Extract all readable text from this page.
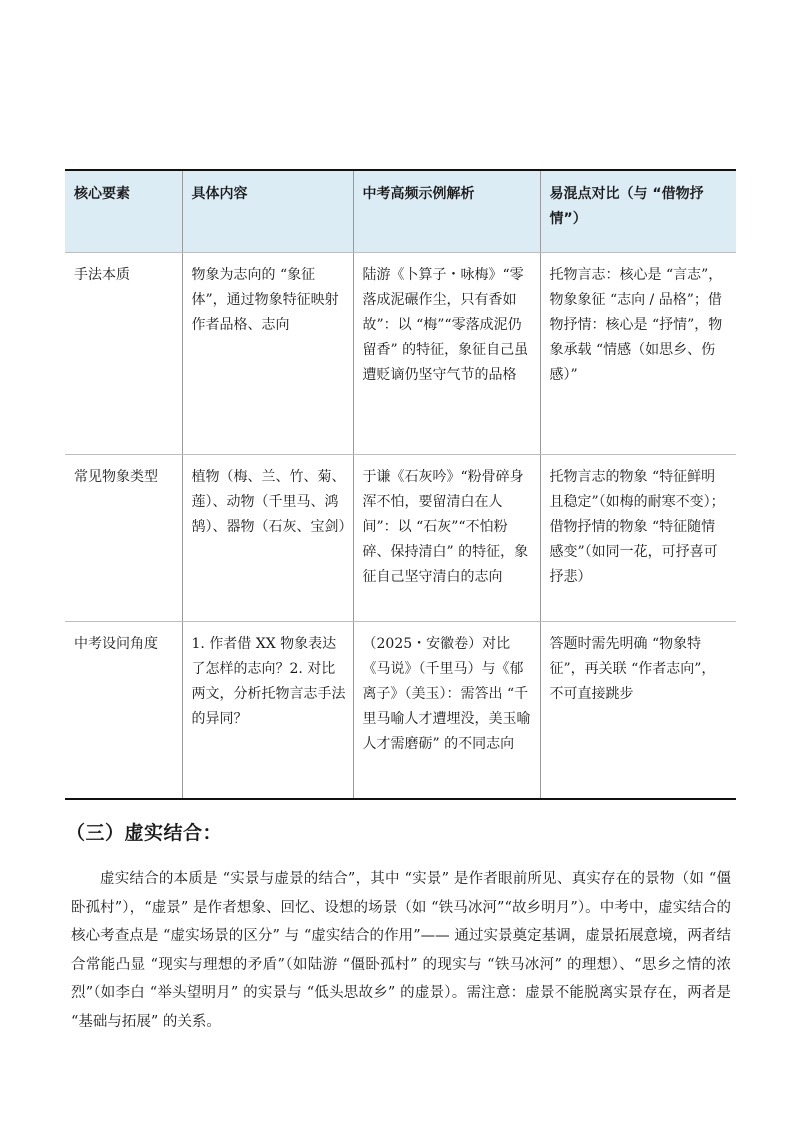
核心要素	具体内容	中考高频示例解析	易混点对比（与 “借物抒情”）
手法本质	物象为志向的 “象征体”，通过物象特征映射作者品格、志向	陆游《卜算子・咏梅》“零落成泥碾作尘，只有香如故”：以 “梅”“零落成泥仍留香” 的特征，象征自己虽遭贬谪仍坚守气节的品格	托物言志：核心是 “言志”，物象象征 “志向 / 品格”；借物抒情：核心是 “抒情”，物象承载 “情感（如思乡、伤感）”
常见物象类型	植物（梅、兰、竹、菊、莲）、动物（千里马、鸿鹄）、器物（石灰、宝剑）	于谦《石灰吟》“粉骨碎身浑不怕，要留清白在人间”：以 “石灰”“不怕粉碎、保持清白” 的特征，象征自己坚守清白的志向	托物言志的物象 “特征鲜明且稳定”（如梅的耐寒不变）；借物抒情的物象 “特征随情感变”（如同一花，可抒喜可抒悲）
中考设问角度	1. 作者借 XX 物象表达了怎样的志向？2. 对比两文，分析托物言志手法的异同？	（2025・安徽卷）对比《马说》（千里马）与《郁离子》（美玉）：需答出 “千里马喻人才遭埋没，美玉喻人才需磨砺” 的不同志向	答题时需先明确 “物象特征”，再关联 “作者志向”，不可直接跳步
（三）虚实结合：
虚实结合的本质是 “实景与虚景的结合”，其中 “实景” 是作者眼前所见、真实存在的景物（如 “僵卧孤村”），“虚景” 是作者想象、回忆、设想的场景（如 “铁马冰河”“故乡明月”）。中考中，虚实结合的核心考查点是 “虚实场景的区分” 与 “虚实结合的作用”—— 通过实景奠定基调，虚景拓展意境，两者结合常能凸显 “现实与理想的矛盾”（如陆游 “僵卧孤村” 的现实与 “铁马冰河” 的理想）、“思乡之情的浓烈”（如李白 “举头望明月” 的实景与 “低头思故乡” 的虚景）。需注意：虚景不能脱离实景存在，两者是 “基础与拓展” 的关系。
